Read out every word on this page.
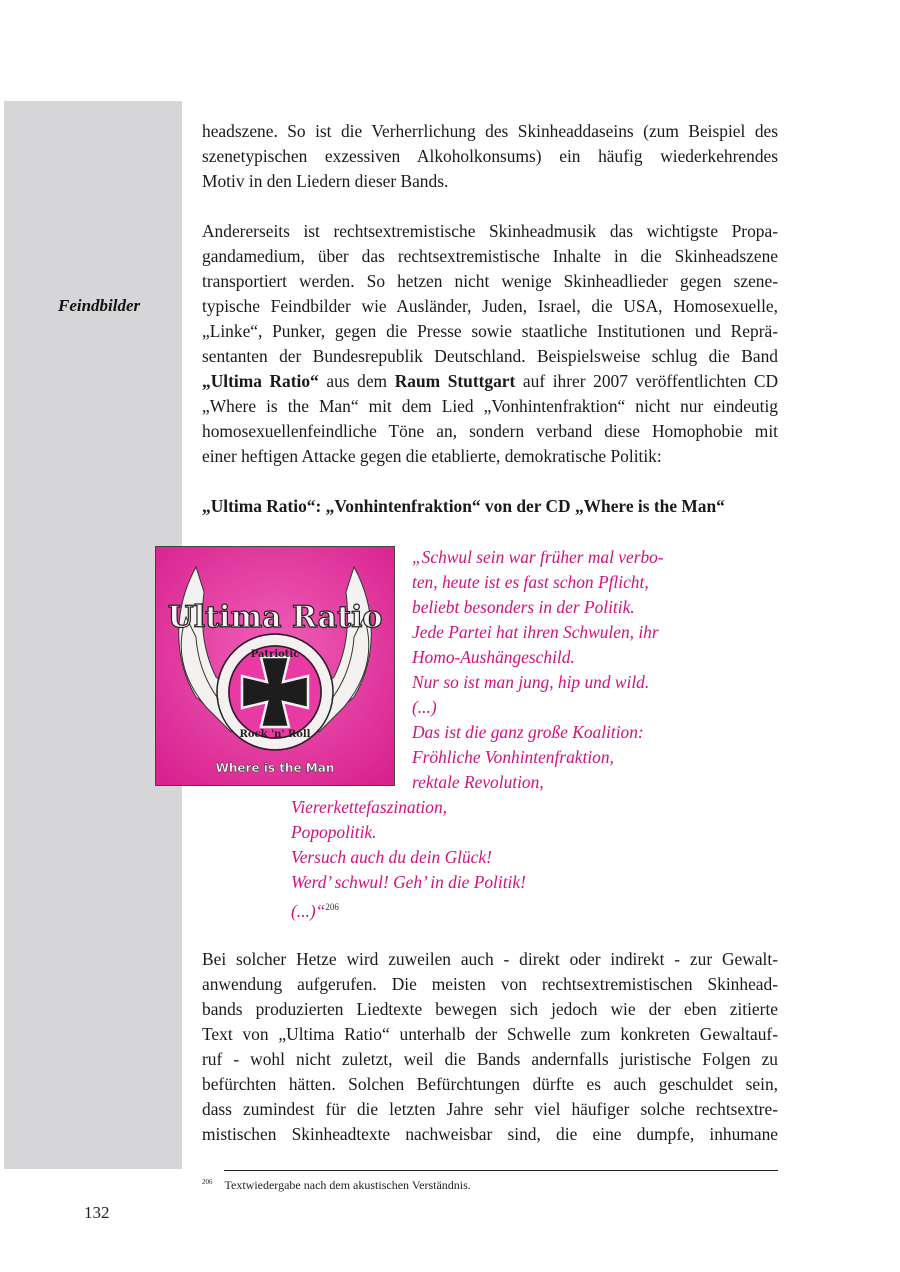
Feindbilder

headszene. So ist die Verherrlichung des Skinheaddaseins (zum Beispiel des
szenetypischen exzessiven Alkoholkonsums) ein häufig wiederkehrendes
Motiv in den Liedern dieser Bands.

Andererseits ist rechtsextremistische Skinheadmusik das wichtigste Propa-
gandamedium, über das rechtsextremistische Inhalte in die Skinheadszene
transportiert werden. So hetzen nicht wenige Skinheadlieder gegen szene-
typische Feindbilder wie Ausländer, Juden, Israel, die USA, Homosexuelle,
„Linke“, Punker, gegen die Presse sowie staatliche Institutionen und Reprä-
sentanten der Bundesrepublik Deutschland. Beispielsweise schlug die Band
„Ultima Ratio“ aus dem Raum Stuttgart auf ihrer 2007 veröffentlichten CD
„Where is the Man“ mit dem Lied „Vonhintenfraktion“ nicht nur eindeutig
homosexuellenfeindliche Töne an, sondern verband diese Homophobie mit
einer heftigen Attacke gegen die etablierte, demokratische Politik:

„Ultima Ratio“: „Vonhintenfraktion“ von der CD „Where is the Man“

Ultima Ratio
Patriotic
Rock 'n' Roll
Where is the Man

„Schwul sein war früher mal verbo-
ten, heute ist es fast schon Pflicht,
beliebt besonders in der Politik.
Jede Partei hat ihren Schwulen, ihr
Homo-Aushängeschild.
Nur so ist man jung, hip und wild.
(...)
Das ist die ganz große Koalition:
Fröhliche Vonhintenfraktion,
rektale Revolution,

Viererkettefaszination,
Popopolitik.
Versuch auch du dein Glück!
Werd’ schwul! Geh’ in die Politik!
(...)“$^{206}$

Bei solcher Hetze wird zuweilen auch - direkt oder indirekt - zur Gewalt-
anwendung aufgerufen. Die meisten von rechtsextremistischen Skinhead-
bands produzierten Liedtexte bewegen sich jedoch wie der eben zitierte
Text von „Ultima Ratio“ unterhalb der Schwelle zum konkreten Gewaltauf-
ruf - wohl nicht zuletzt, weil die Bands andernfalls juristische Folgen zu
befürchten hätten. Solchen Befürchtungen dürfte es auch geschuldet sein,
dass zumindest für die letzten Jahre sehr viel häufiger solche rechtsextre-
mistischen Skinheadtexte nachweisbar sind, die eine dumpfe, inhumane

$^{206}$ Textwiedergabe nach dem akustischen Verständnis.
132
